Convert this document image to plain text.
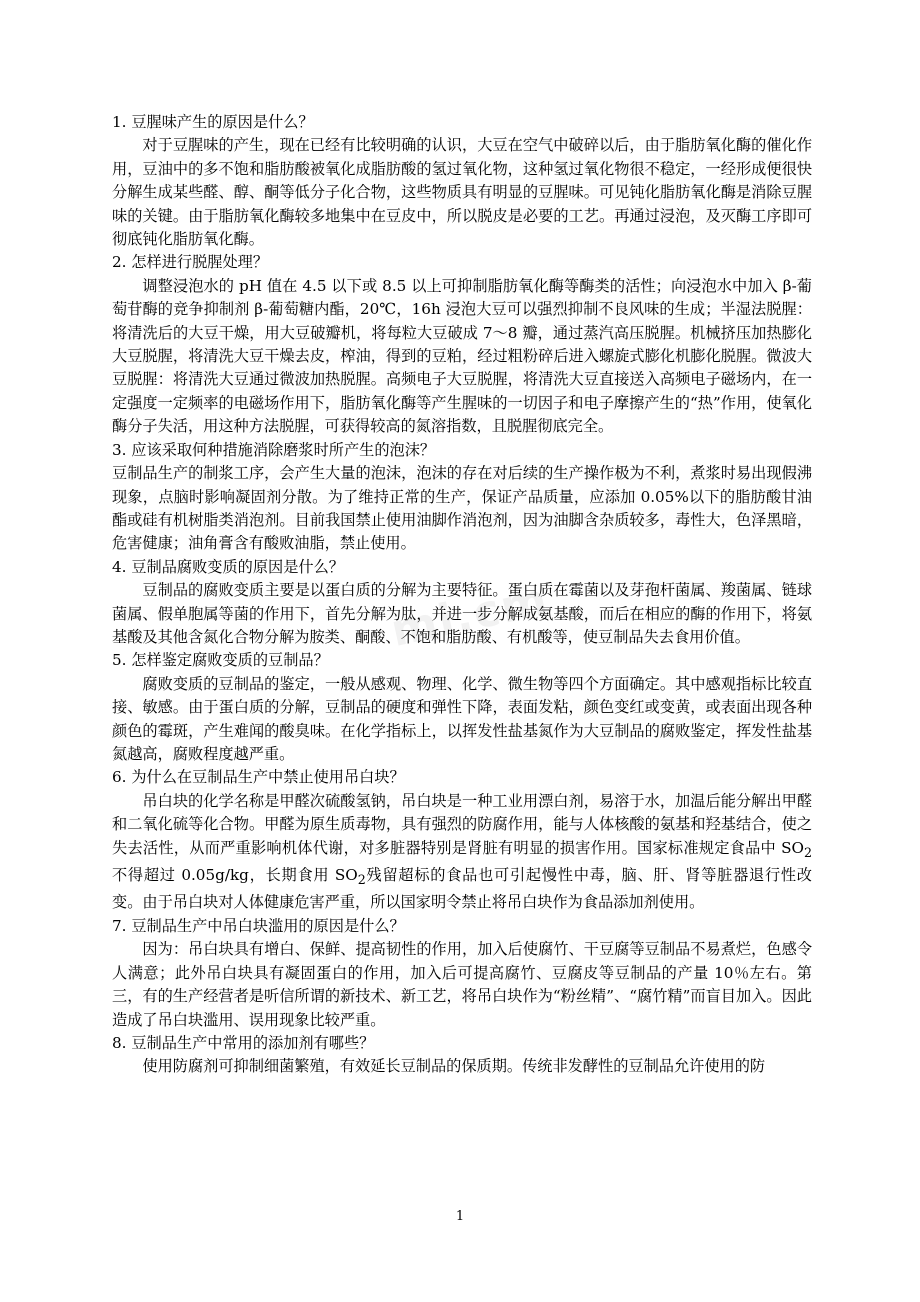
mi.cm

1. 豆腥味产生的原因是什么？

对于豆腥味的产生，现在已经有比较明确的认识，大豆在空气中破碎以后，由于脂肪氧化酶的催化作用，豆油中的多不饱和脂肪酸被氧化成脂肪酸的氢过氧化物，这种氢过氧化物很不稳定，一经形成便很快分解生成某些醛、醇、酮等低分子化合物，这些物质具有明显的豆腥味。可见钝化脂肪氧化酶是消除豆腥味的关键。由于脂肪氧化酶较多地集中在豆皮中，所以脱皮是必要的工艺。再通过浸泡，及灭酶工序即可彻底钝化脂肪氧化酶。

2. 怎样进行脱腥处理？

调整浸泡水的 pH 值在 4.5 以下或 8.5 以上可抑制脂肪氧化酶等酶类的活性；向浸泡水中加入 β-葡萄苷酶的竞争抑制剂 β-葡萄糖内酯，20℃，16h 浸泡大豆可以强烈抑制不良风味的生成；半湿法脱腥：将清洗后的大豆干燥，用大豆破瓣机，将每粒大豆破成 7～8 瓣，通过蒸汽高压脱腥。机械挤压加热膨化大豆脱腥，将清洗大豆干燥去皮，榨油，得到的豆粕，经过粗粉碎后进入螺旋式膨化机膨化脱腥。微波大豆脱腥：将清洗大豆通过微波加热脱腥。高频电子大豆脱腥，将清洗大豆直接送入高频电子磁场内，在一定强度一定频率的电磁场作用下，脂肪氧化酶等产生腥味的一切因子和电子摩擦产生的“热”作用，使氧化酶分子失活，用这种方法脱腥，可获得较高的氮溶指数，且脱腥彻底完全。

3. 应该采取何种措施消除磨浆时所产生的泡沫？

豆制品生产的制浆工序，会产生大量的泡沫，泡沫的存在对后续的生产操作极为不利，煮浆时易出现假沸现象，点脑时影响凝固剂分散。为了维持正常的生产，保证产品质量，应添加 0.05%以下的脂肪酸甘油酯或硅有机树脂类消泡剂。目前我国禁止使用油脚作消泡剂，因为油脚含杂质较多，毒性大，色泽黑暗，危害健康；油角膏含有酸败油脂，禁止使用。

4. 豆制品腐败变质的原因是什么？

豆制品的腐败变质主要是以蛋白质的分解为主要特征。蛋白质在霉菌以及芽孢杆菌属、羧菌属、链球菌属、假单胞属等菌的作用下，首先分解为肽，并进一步分解成氨基酸，而后在相应的酶的作用下，将氨基酸及其他含氮化合物分解为胺类、酮酸、不饱和脂肪酸、有机酸等，使豆制品失去食用价值。

5. 怎样鉴定腐败变质的豆制品？

腐败变质的豆制品的鉴定，一般从感观、物理、化学、微生物等四个方面确定。其中感观指标比较直接、敏感。由于蛋白质的分解，豆制品的硬度和弹性下降，表面发粘，颜色变红或变黄，或表面出现各种颜色的霉斑，产生难闻的酸臭味。在化学指标上，以挥发性盐基氮作为大豆制品的腐败鉴定，挥发性盐基氮越高，腐败程度越严重。

6. 为什么在豆制品生产中禁止使用吊白块？

吊白块的化学名称是甲醛次硫酸氢钠，吊白块是一种工业用漂白剂，易溶于水，加温后能分解出甲醛和二氧化硫等化合物。甲醛为原生质毒物，具有强烈的防腐作用，能与人体核酸的氨基和羟基结合，使之失去活性，从而严重影响机体代谢，对多脏器特别是肾脏有明显的损害作用。国家标准规定食品中 $SO_2$不得超过 0.05g/kg，长期食用 $SO_2$残留超标的食品也可引起慢性中毒，脑、肝、肾等脏器退行性改变。由于吊白块对人体健康危害严重，所以国家明令禁止将吊白块作为食品添加剂使用。

7. 豆制品生产中吊白块滥用的原因是什么？

因为：吊白块具有增白、保鲜、提高韧性的作用，加入后使腐竹、干豆腐等豆制品不易煮烂，色感令人满意；此外吊白块具有凝固蛋白的作用，加入后可提高腐竹、豆腐皮等豆制品的产量 10％左右。第三，有的生产经营者是听信所谓的新技术、新工艺，将吊白块作为“粉丝精”、“腐竹精”而盲目加入。因此造成了吊白块滥用、误用现象比较严重。

8. 豆制品生产中常用的添加剂有哪些？

使用防腐剂可抑制细菌繁殖，有效延长豆制品的保质期。传统非发酵性的豆制品允许使用的防

1
